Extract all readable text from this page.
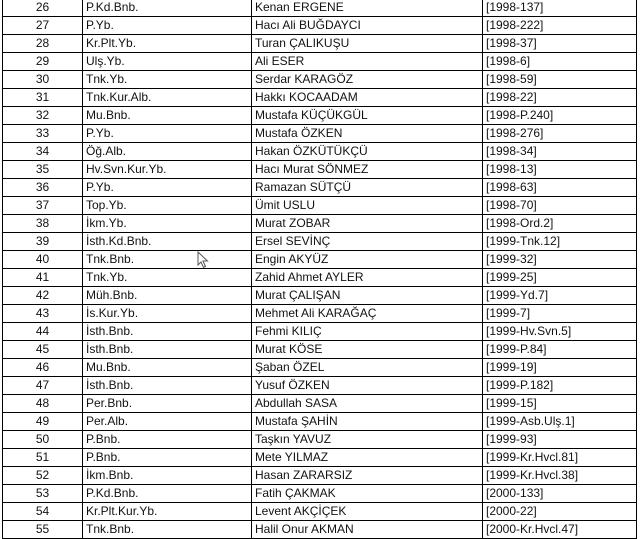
26	P.Kd.Bnb.	Kenan ERGENE	[1998-137]
27	P.Yb.	Hacı Ali BUĞDAYCI	[1998-222]
28	Kr.Plt.Yb.	Turan ÇALIKUŞU	[1998-37]
29	Ulş.Yb.	Ali ESER	[1998-6]
30	Tnk.Yb.	Serdar KARAGÖZ	[1998-59]
31	Tnk.Kur.Alb.	Hakkı KOCAADAM	[1998-22]
32	Mu.Bnb.	Mustafa KÜÇÜKGÜL	[1998-P.240]
33	P.Yb.	Mustafa ÖZKEN	[1998-276]
34	Öğ.Alb.	Hakan ÖZKÜTÜKÇÜ	[1998-34]
35	Hv.Svn.Kur.Yb.	Hacı Murat SÖNMEZ	[1998-13]
36	P.Yb.	Ramazan SÜTÇÜ	[1998-63]
37	Top.Yb.	Ümit USLU	[1998-70]
38	İkm.Yb.	Murat ZOBAR	[1998-Ord.2]
39	İsth.Kd.Bnb.	Ersel SEVİNÇ	[1999-Tnk.12]
40	Tnk.Bnb.	Engin AKYÜZ	[1999-32]
41	Tnk.Yb.	Zahid Ahmet AYLER	[1999-25]
42	Müh.Bnb.	Murat ÇALIŞAN	[1999-Yd.7]
43	İs.Kur.Yb.	Mehmet Ali KARAĞAÇ	[1999-7]
44	İsth.Bnb.	Fehmi KILIÇ	[1999-Hv.Svn.5]
45	İsth.Bnb.	Murat KÖSE	[1999-P.84]
46	Mu.Bnb.	Şaban ÖZEL	[1999-19]
47	İsth.Bnb.	Yusuf ÖZKEN	[1999-P.182]
48	Per.Bnb.	Abdullah SASA	[1999-15]
49	Per.Alb.	Mustafa ŞAHİN	[1999-Asb.Ulş.1]
50	P.Bnb.	Taşkın YAVUZ	[1999-93]
51	P.Bnb.	Mete YILMAZ	[1999-Kr.Hvcl.81]
52	İkm.Bnb.	Hasan ZARARSIZ	[1999-Kr.Hvcl.38]
53	P.Kd.Bnb.	Fatih ÇAKMAK	[2000-133]
54	Kr.Plt.Kur.Yb.	Levent AKÇİÇEK	[2000-22]
55	Tnk.Bnb.	Halil Onur AKMAN	[2000-Kr.Hvcl.47]
